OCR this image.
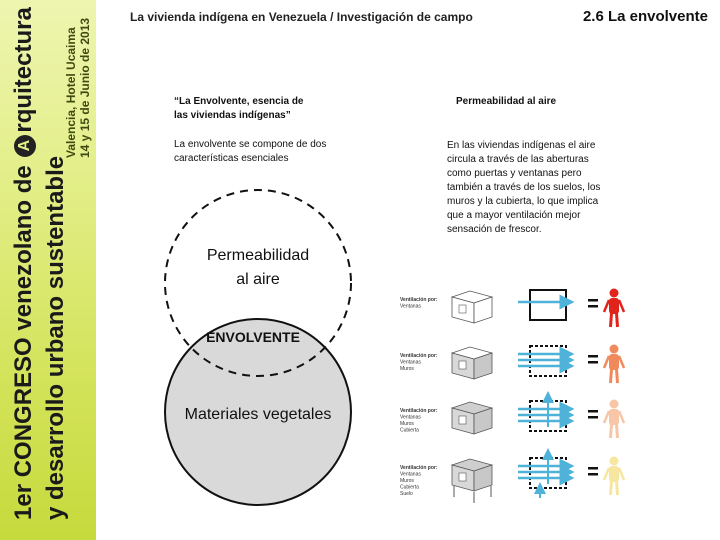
1er CONGRESO venezolano de Arquitectura
y desarrollo urbano sustentable
Valencia, Hotel Ucaima 14 y 15 de Junio de 2013
La vivienda indígena en Venezuela / Investigación de campo	2.6 La envolvente
“La Envolvente, esencia de
las viviendas indígenas”
La envolvente se compone de dos
características esenciales
Permeabilidad al aire
En las viviendas indígenas el aire
circula a través de las aberturas
como puertas y ventanas pero
también a través de los suelos, los
muros y la cubierta, lo que implica
que a mayor ventilación mejor
sensación de frescor.
Permeabilidad
al aire
ENVOLVENTE
Materiales vegetales
Ventilación por:
Ventanas
Ventilación por:
Ventanas
Muros
Ventilación por:
Ventanas
Muros
Cubierta
Ventilación por:
Ventanas
Muros
Cubierta
Suelo
